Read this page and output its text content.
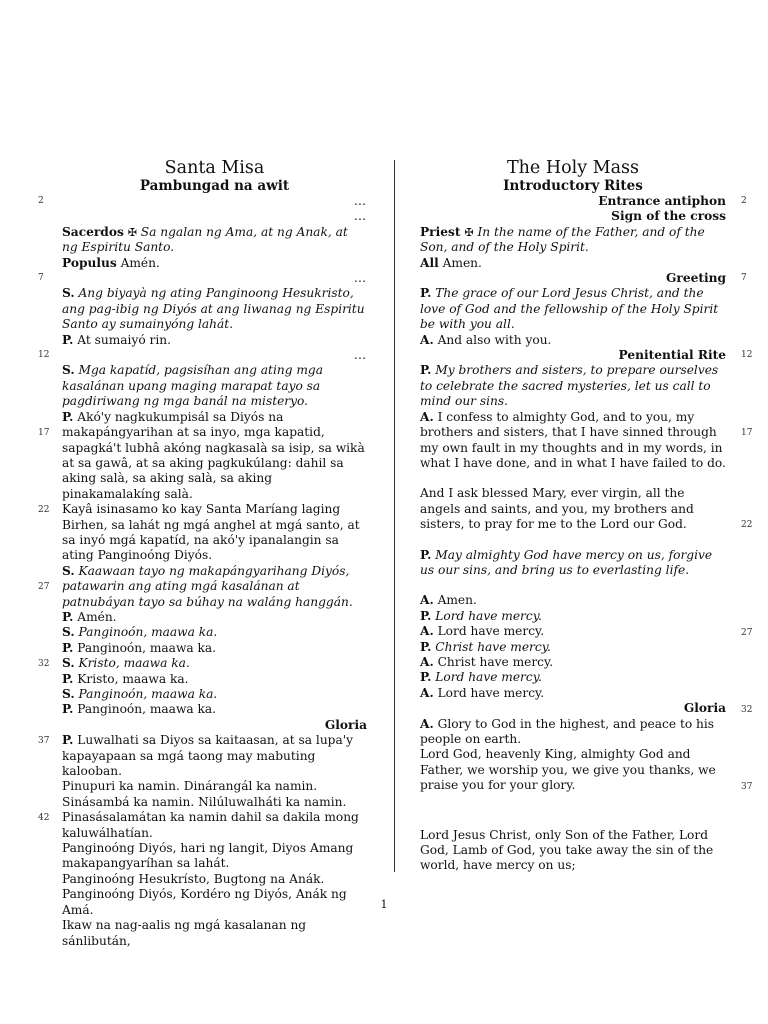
Santa Misa
Pambungad na awit

…

…

Sacerdos ✠ Sa ngalan ng Ama, at ng Anak, at ng Espiritu Santo.

Populus Amén.

…

S. Ang biyayà ng ating Panginoong Hesukristo, ang pag-ibig ng Diyós at ang liwanag ng Espiritu Santo ay sumainyóng lahát.

P. At sumaiyó rin.

…

S. Mga kapatíd, pagsisíhan ang ating mga kasalánan upang maging marapat tayo sa pagdiriwang ng mga banál na misteryo.

P. Akó'y nagkukumpisál sa Diyós na makapángyarihan at sa inyo, mga kapatid, sapagká't lubhâ akóng nagkasalà sa isip, sa wikà at sa gawâ, at sa aking pagkukúlang: dahil sa aking salà, sa aking salà, sa aking pinakamalakíng salà.

Kayâ isinasamo ko kay Santa Maríang laging Birhen, sa lahát ng mgá anghel at mgá santo, at sa inyó mgá kapatíd, na akó'y ipanalangin sa ating Panginoóng Diyós.

S. Kaawaan tayo ng makapángyarihang Diyós, patawarin ang ating mgá kasalánan at patnubáyan tayo sa búhay na waláng hanggán.

P. Amén.

S. Panginoón, maawa ka.

P. Panginoón, maawa ka.

S. Kristo, maawa ka.

P. Kristo, maawa ka.

S. Panginoón, maawa ka.

P. Panginoón, maawa ka.

Gloria

P. Luwalhati sa Diyos sa kaitaasan, at sa lupa'y kapayapaan sa mgá taong may mabuting kalooban.

Pinupuri ka namin. Dinárangál ka namin. Sinásambá ka namin. Nilúluwalháti ka namin. Pinasásalamátan ka namin dahil sa dakila mong kaluwálhatían.

Panginoóng Diyós, hari ng langit, Diyos Amang makapangyaríhan sa lahát.

Panginoóng Hesukrísto, Bugtong na Anák.

Panginoóng Diyós, Kordéro ng Diyós, Anák ng Amá.

Ikaw na nag-aalis ng mgá kasalanan ng sánlibután,

The Holy Mass
Introductory Rites

Entrance antiphon

Sign of the cross

Priest ✠ In the name of the Father, and of the Son, and of the Holy Spirit.

All Amen.

Greeting

P. The grace of our Lord Jesus Christ, and the love of God and the fellowship of the Holy Spirit be with you all.

A. And also with you.

Penitential Rite

P. My brothers and sisters, to prepare ourselves to celebrate the sacred mysteries, let us call to mind our sins.

A. I confess to almighty God, and to you, my brothers and sisters, that I have sinned through my own fault in my thoughts and in my words, in what I have done, and in what I have failed to do.

And I ask blessed Mary, ever virgin, all the angels and saints, and you, my brothers and sisters, to pray for me to the Lord our God.

P. May almighty God have mercy on us, forgive us our sins, and bring us to everlasting life.

A. Amen.

P. Lord have mercy.

A. Lord have mercy.

P. Christ have mercy.

A. Christ have mercy.

P. Lord have mercy.

A. Lord have mercy.

Gloria

A. Glory to God in the highest, and peace to his people on earth.

Lord God, heavenly King, almighty God and Father, we worship you, we give you thanks, we praise you for your glory.

Lord Jesus Christ, only Son of the Father, Lord God, Lamb of God, you take away the sin of the world, have mercy on us;

2
7
12
17
22
27
32
37
42
2
7
12
17
22
27
32
37
1
